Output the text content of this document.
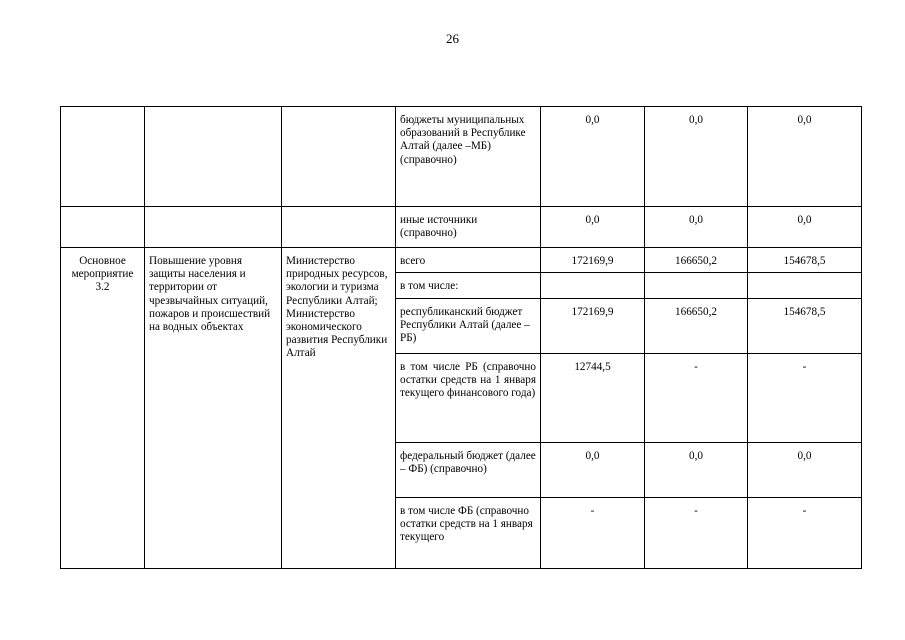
26
			бюджеты муниципальных образований в Республике Алтай (далее –МБ) (справочно)	0,0	0,0	0,0
			иные источники (справочно)	0,0	0,0	0,0
Основное мероприятие 3.2	Повышение уровня защиты населения и территории от чрезвычайных ситуаций, пожаров и происшествий на водных объектах	Министерство природных ресурсов, экологии и туризма Республики Алтай; Министерство экономического развития Республики Алтай	всего	172169,9	166650,2	154678,5
			в том числе:			
			республиканский бюджет Республики Алтай (далее – РБ)	172169,9	166650,2	154678,5
			в том числе РБ (справочно остатки средств на 1 января текущего финансового года)	12744,5	-	-
			федеральный бюджет (далее – ФБ) (справочно)	0,0	0,0	0,0
			в том числе ФБ (справочно остатки средств на 1 января текущего	-	-	-
